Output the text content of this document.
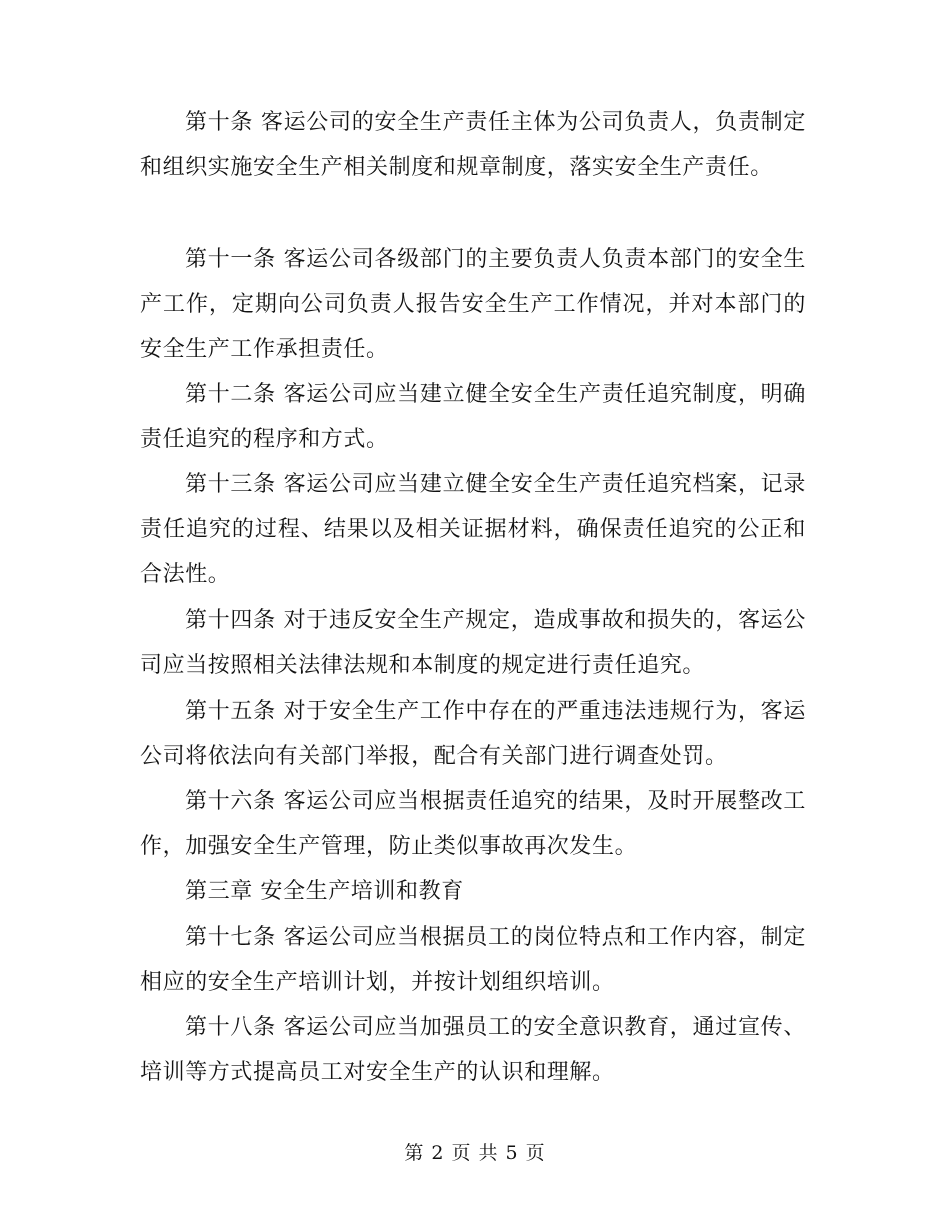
第十条 客运公司的安全生产责任主体为公司负责人，负责制定和组织实施安全生产相关制度和规章制度，落实安全生产责任。

第十一条 客运公司各级部门的主要负责人负责本部门的安全生产工作，定期向公司负责人报告安全生产工作情况，并对本部门的安全生产工作承担责任。

第十二条 客运公司应当建立健全安全生产责任追究制度，明确责任追究的程序和方式。

第十三条 客运公司应当建立健全安全生产责任追究档案，记录责任追究的过程、结果以及相关证据材料，确保责任追究的公正和合法性。

第十四条 对于违反安全生产规定，造成事故和损失的，客运公司应当按照相关法律法规和本制度的规定进行责任追究。

第十五条 对于安全生产工作中存在的严重违法违规行为，客运公司将依法向有关部门举报，配合有关部门进行调查处罚。

第十六条 客运公司应当根据责任追究的结果，及时开展整改工作，加强安全生产管理，防止类似事故再次发生。

第三章 安全生产培训和教育

第十七条 客运公司应当根据员工的岗位特点和工作内容，制定相应的安全生产培训计划，并按计划组织培训。

第十八条 客运公司应当加强员工的安全意识教育，通过宣传、培训等方式提高员工对安全生产的认识和理解。

第 2 页 共 5 页
